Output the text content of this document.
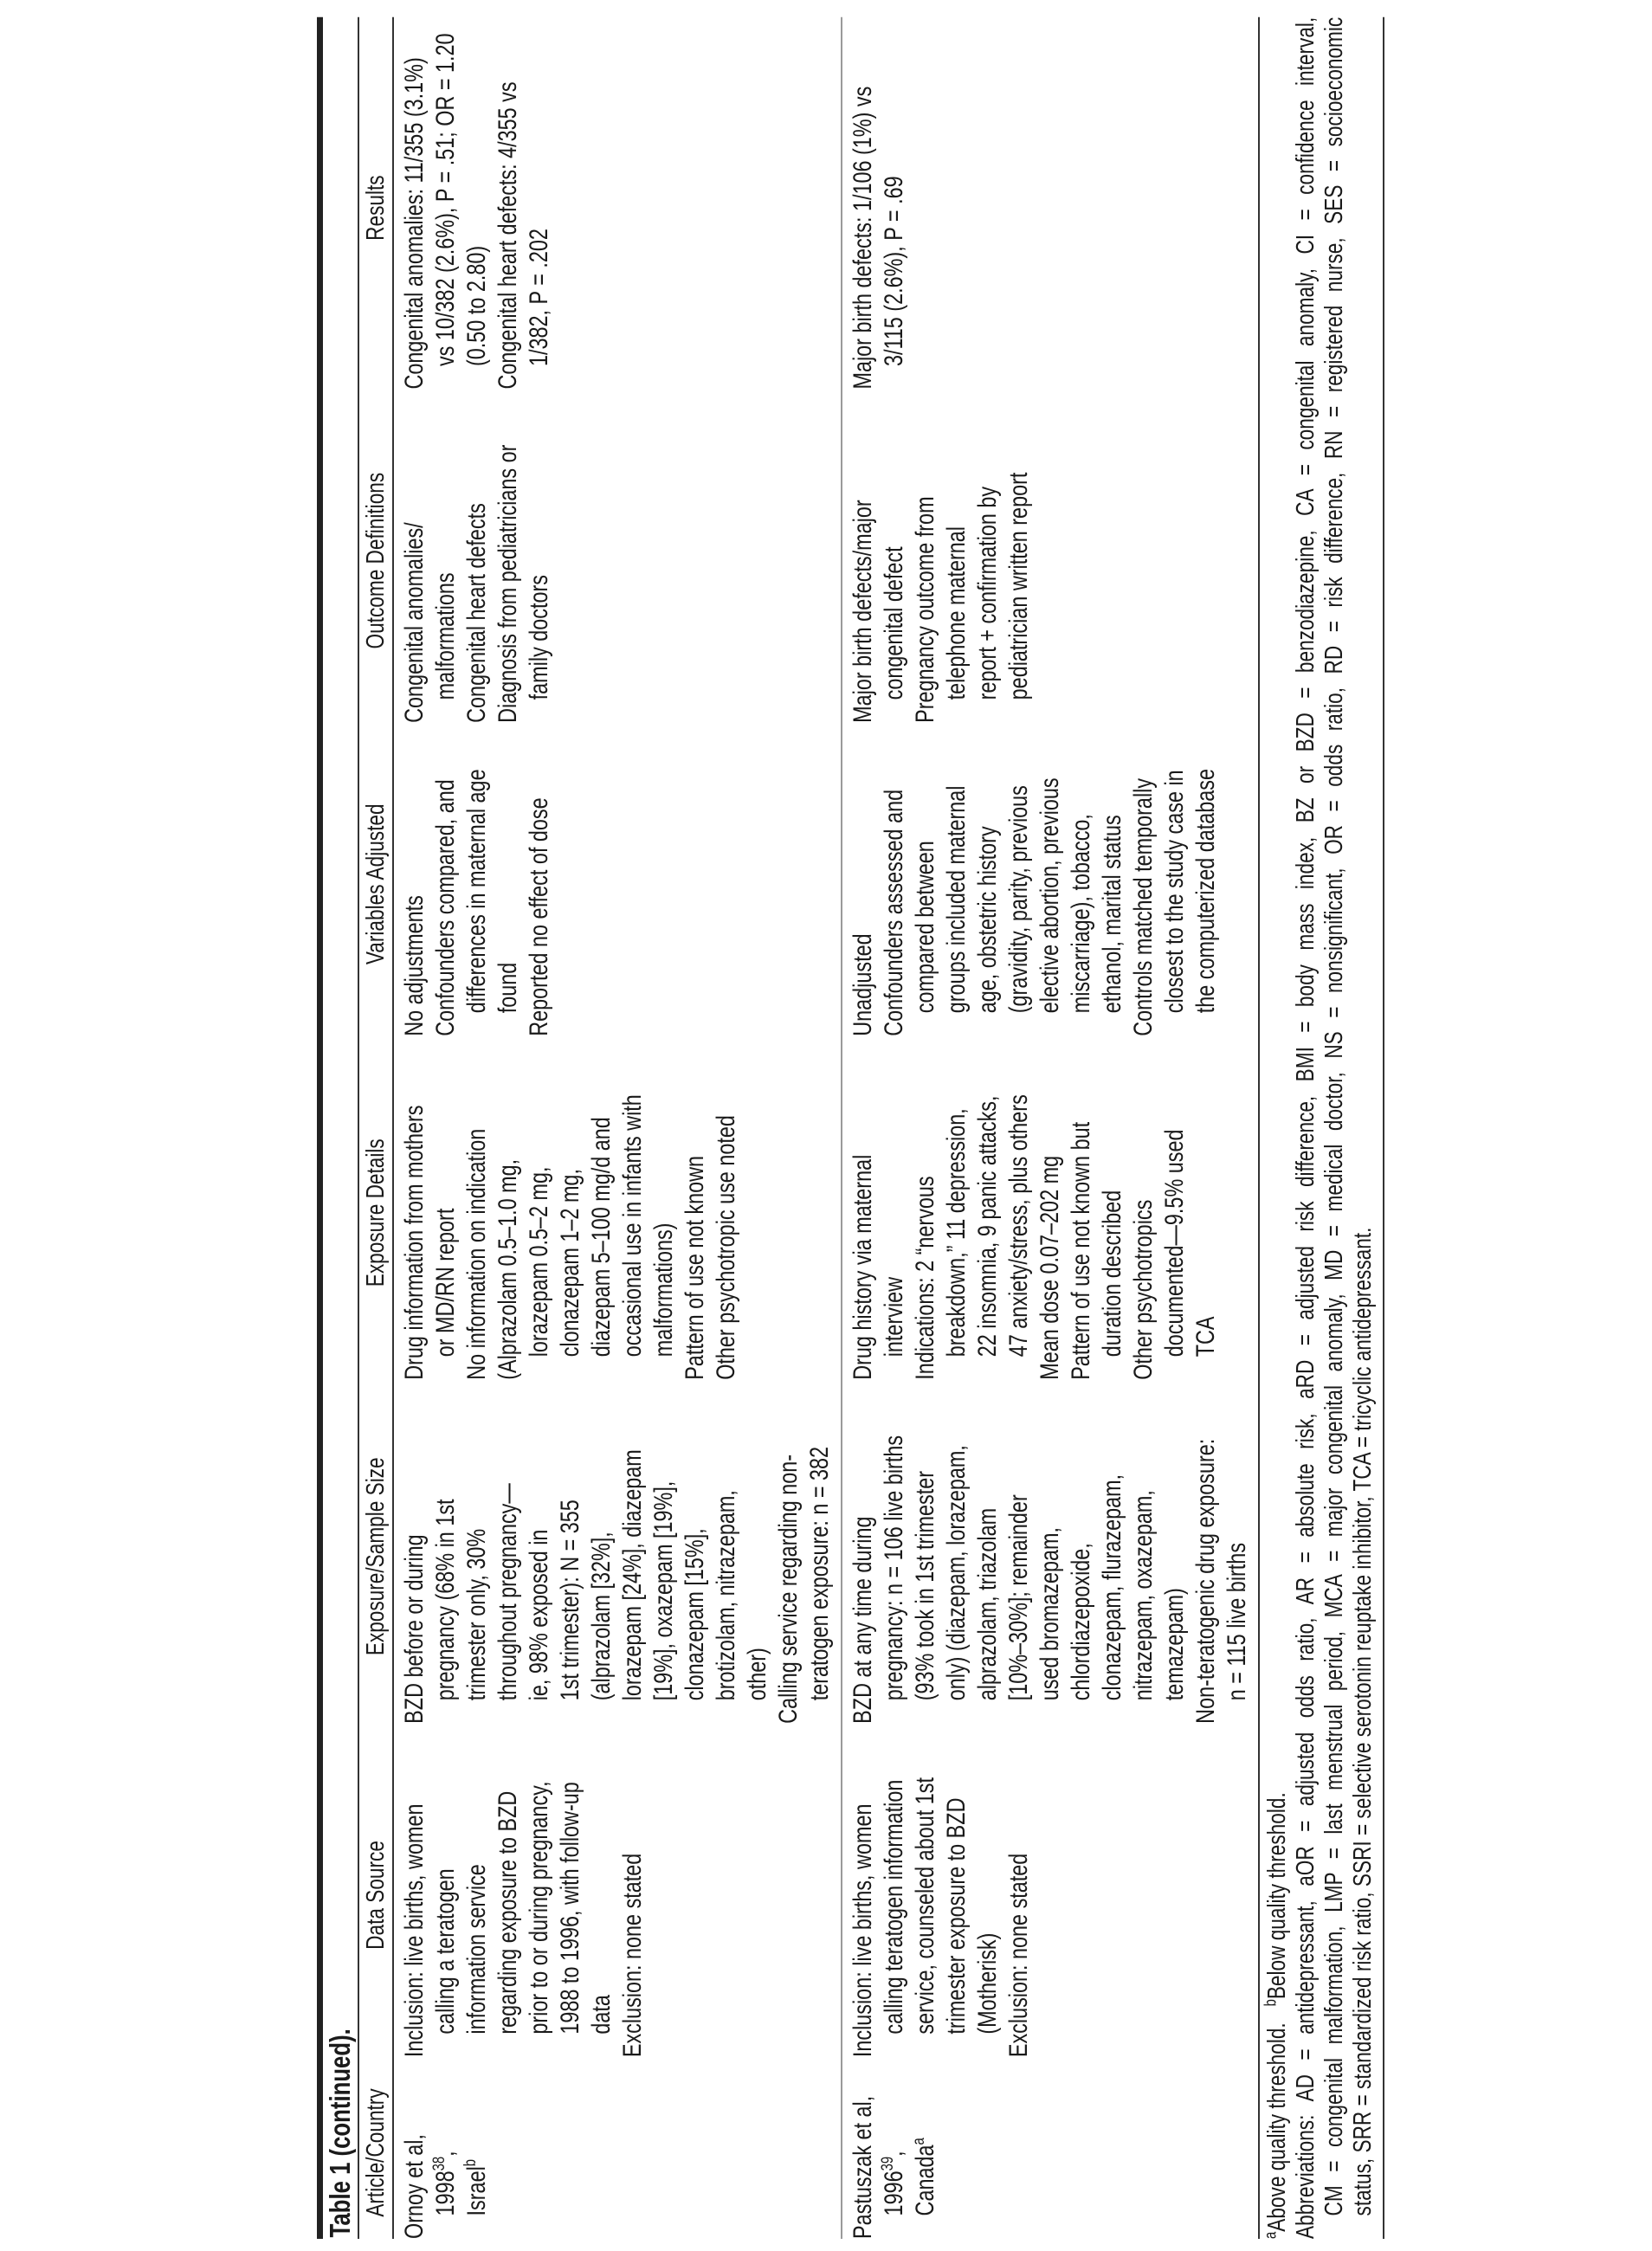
Table 1 (continued). Article/Country
Data Source
Exposure/Sample Size
Exposure Details
Variables Adjusted
Outcome Definitions
Results
Ornoy et al, 1998$^{38}$,
Israel$^b$
Inclusion: live births, women calling a teratogen information service regarding exposure to BZD prior to or during pregnancy, 1988 to 1996, with follow-up data Exclusion: none stated
BZD before or during pregnancy (68% in 1st trimester only, 30% throughout pregnancy— ie, 98% exposed in 1st trimester): N = 355 (alprazolam [32%], lorazepam [24%], diazepam [19%], oxazepam [19%], clonazepam [15%], brotizolam, nitrazepam, other) Calling service regarding non- teratogen exposure: n = 382
Drug information from mothers or MD/RN report No information on indication (Alprazolam 0.5–1.0 mg, lorazepam 0.5–2 mg, clonazepam 1–2 mg, diazepam 5–100 mg/d and occasional use in infants with malformations) Pattern of use not known Other psychotropic use noted
No adjustments Confounders compared, and differences in maternal age found Reported no effect of dose
Congenital anomalies/ malformations Congenital heart defects Diagnosis from pediatricians or family doctors
Congenital anomalies: 11/355 (3.1%) vs 10/382 (2.6%), P = .51; OR = 1.20 (0.50 to 2.80) Congenital heart defects: 4/355 vs 1/382, P = .202
Pastuszak et al, 1996$^{39}$, Canada$^a$
Inclusion: live births, women calling teratogen information service, counseled about 1st trimester exposure to BZD (Motherisk) Exclusion: none stated
BZD at any time during pregnancy: n = 106 live births (93% took in 1st trimester only) (diazepam, lorazepam, alprazolam, triazolam [10%–30%]; remainder used bromazepam, chlordiazepoxide, clonazepam, flurazepam, nitrazepam, oxazepam, temazepam) Non-teratogenic drug exposure: n = 115 live births
Drug history via maternal interview Indications: 2 “nervous breakdown,” 11 depression, 22 insomnia, 9 panic attacks, 47 anxiety/stress, plus others Mean dose 0.07–202 mg Pattern of use not known but duration described Other psychotropics documented—9.5% used TCA
Unadjusted Confounders assessed and compared between groups included maternal age, obstetric history (gravidity, parity, previous elective abortion, previous miscarriage), tobacco, ethanol, marital status Controls matched temporally closest to the study case in the computerized database
Major birth defects/major congenital defect Pregnancy outcome from telephone maternal report + confirmation by pediatrician written report
Major birth defects: 1/106 (1%) vs 3/115 (2.6%), P = .69
$^a$Above quality threshold.   $^b$Below quality threshold. Abbreviations: AD = antidepressant, aOR = adjusted odds ratio, AR = absolute risk, aRD = adjusted risk difference, BMI = body mass index, BZ or BZD = benzodiazepine, CA = congenital anomaly, CI = confidence interval, CM = congenital malformation, LMP = last menstrual period, MCA = major congenital anomaly, MD = medical doctor, NS = nonsignificant, OR = odds ratio, RD = risk difference, RN = registered nurse, SES = socioeconomic status, SRR = standardized risk ratio, SSRI = selective serotonin reuptake inhibitor, TCA = tricyclic antidepressant.
